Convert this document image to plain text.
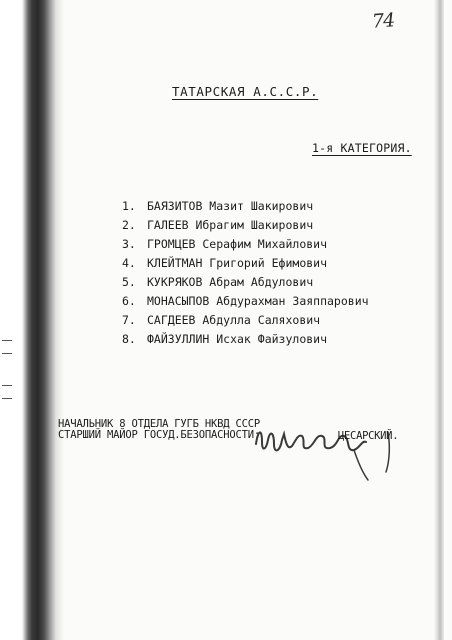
74
ТАТАРСКАЯ А.С.С.Р.
1-я КАТЕГОРИЯ.
1. БАЯЗИТОВ Мазит Шакирович
2. ГАЛЕЕВ Ибрагим Шакирович
3. ГРОМЦЕВ Серафим Михайлович
4. КЛЕЙТМАН Григорий Ефимович
5. КУКРЯКОВ Абрам Абдулович
6. МОНАСЫПОВ Абдурахман Заяппарович
7. САГДЕЕВ Абдулла Саляхович
8. ФАЙЗУЛЛИН Исхак Файзулович
НАЧАЛЬНИК 8 ОТДЕЛА ГУГБ НКВД СССР
СТАРШИЙ МАЙОР ГОСУД.БЕЗОПАСНОСТИ:	ЦЕСАРСКИЙ.
